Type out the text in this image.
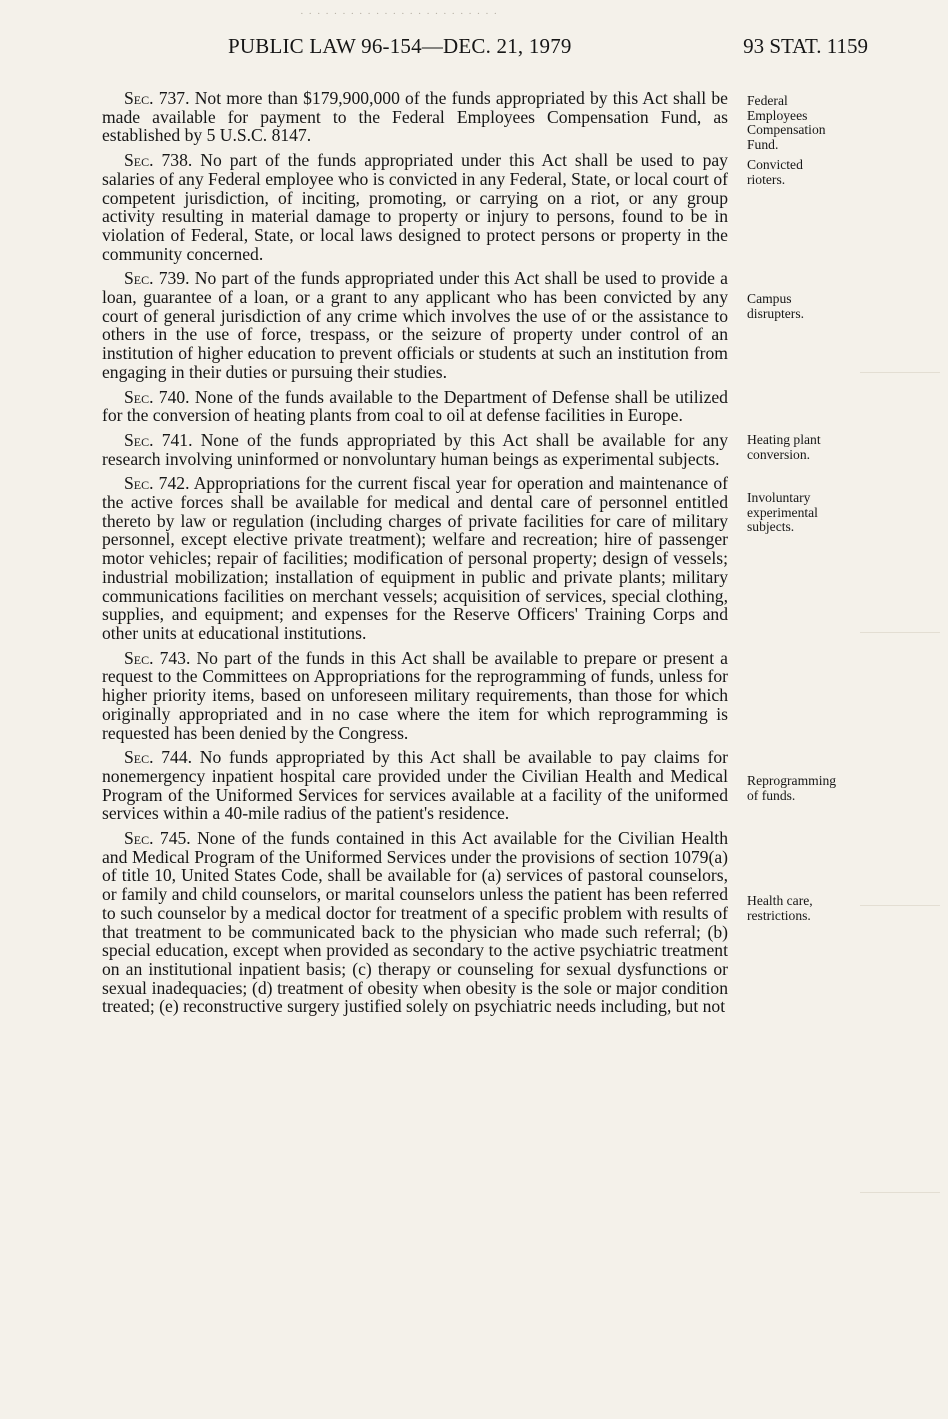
· · · · · · · · · · · · · · · · · · · · · · · ·
PUBLIC LAW 96-154—DEC. 21, 1979	93 STAT. 1159

Sec. 737. Not more than $179,900,000 of the funds appropriated by this Act shall be made available for payment to the Federal Employees Compensation Fund, as established by 5 U.S.C. 8147.

Sec. 738. No part of the funds appropriated under this Act shall be used to pay salaries of any Federal employee who is convicted in any Federal, State, or local court of competent jurisdiction, of inciting, promoting, or carrying on a riot, or any group activity resulting in material damage to property or injury to persons, found to be in violation of Federal, State, or local laws designed to protect persons or property in the community concerned.

Sec. 739. No part of the funds appropriated under this Act shall be used to provide a loan, guarantee of a loan, or a grant to any applicant who has been convicted by any court of general jurisdiction of any crime which involves the use of or the assistance to others in the use of force, trespass, or the seizure of property under control of an institution of higher education to prevent officials or students at such an institution from engaging in their duties or pursuing their studies.

Sec. 740. None of the funds available to the Department of Defense shall be utilized for the conversion of heating plants from coal to oil at defense facilities in Europe.

Sec. 741. None of the funds appropriated by this Act shall be available for any research involving uninformed or nonvoluntary human beings as experimental subjects.

Sec. 742. Appropriations for the current fiscal year for operation and maintenance of the active forces shall be available for medical and dental care of personnel entitled thereto by law or regulation (including charges of private facilities for care of military personnel, except elective private treatment); welfare and recreation; hire of passenger motor vehicles; repair of facilities; modification of personal property; design of vessels; industrial mobilization; installation of equipment in public and private plants; military communications facilities on merchant vessels; acquisition of services, special clothing, supplies, and equipment; and expenses for the Reserve Officers' Training Corps and other units at educational institutions.

Sec. 743. No part of the funds in this Act shall be available to prepare or present a request to the Committees on Appropriations for the reprogramming of funds, unless for higher priority items, based on unforeseen military requirements, than those for which originally appropriated and in no case where the item for which reprogramming is requested has been denied by the Congress.

Sec. 744. No funds appropriated by this Act shall be available to pay claims for nonemergency inpatient hospital care provided under the Civilian Health and Medical Program of the Uniformed Services for services available at a facility of the uniformed services within a 40-mile radius of the patient's residence.

Sec. 745. None of the funds contained in this Act available for the Civilian Health and Medical Program of the Uniformed Services under the provisions of section 1079(a) of title 10, United States Code, shall be available for (a) services of pastoral counselors, or family and child counselors, or marital counselors unless the patient has been referred to such counselor by a medical doctor for treatment of a specific problem with results of that treatment to be communicated back to the physician who made such referral; (b) special education, except when provided as secondary to the active psychiatric treatment on an institutional inpatient basis; (c) therapy or counseling for sexual dysfunctions or sexual inadequacies; (d) treatment of obesity when obesity is the sole or major condition treated; (e) reconstructive surgery justified solely on psychiatric needs including, but not

Federal
Employees
Compensation
Fund.
Convicted
rioters.
Campus
disrupters.
Heating plant
conversion.
Involuntary
experimental
subjects.
Reprogramming
of funds.
Health care,
restrictions.
